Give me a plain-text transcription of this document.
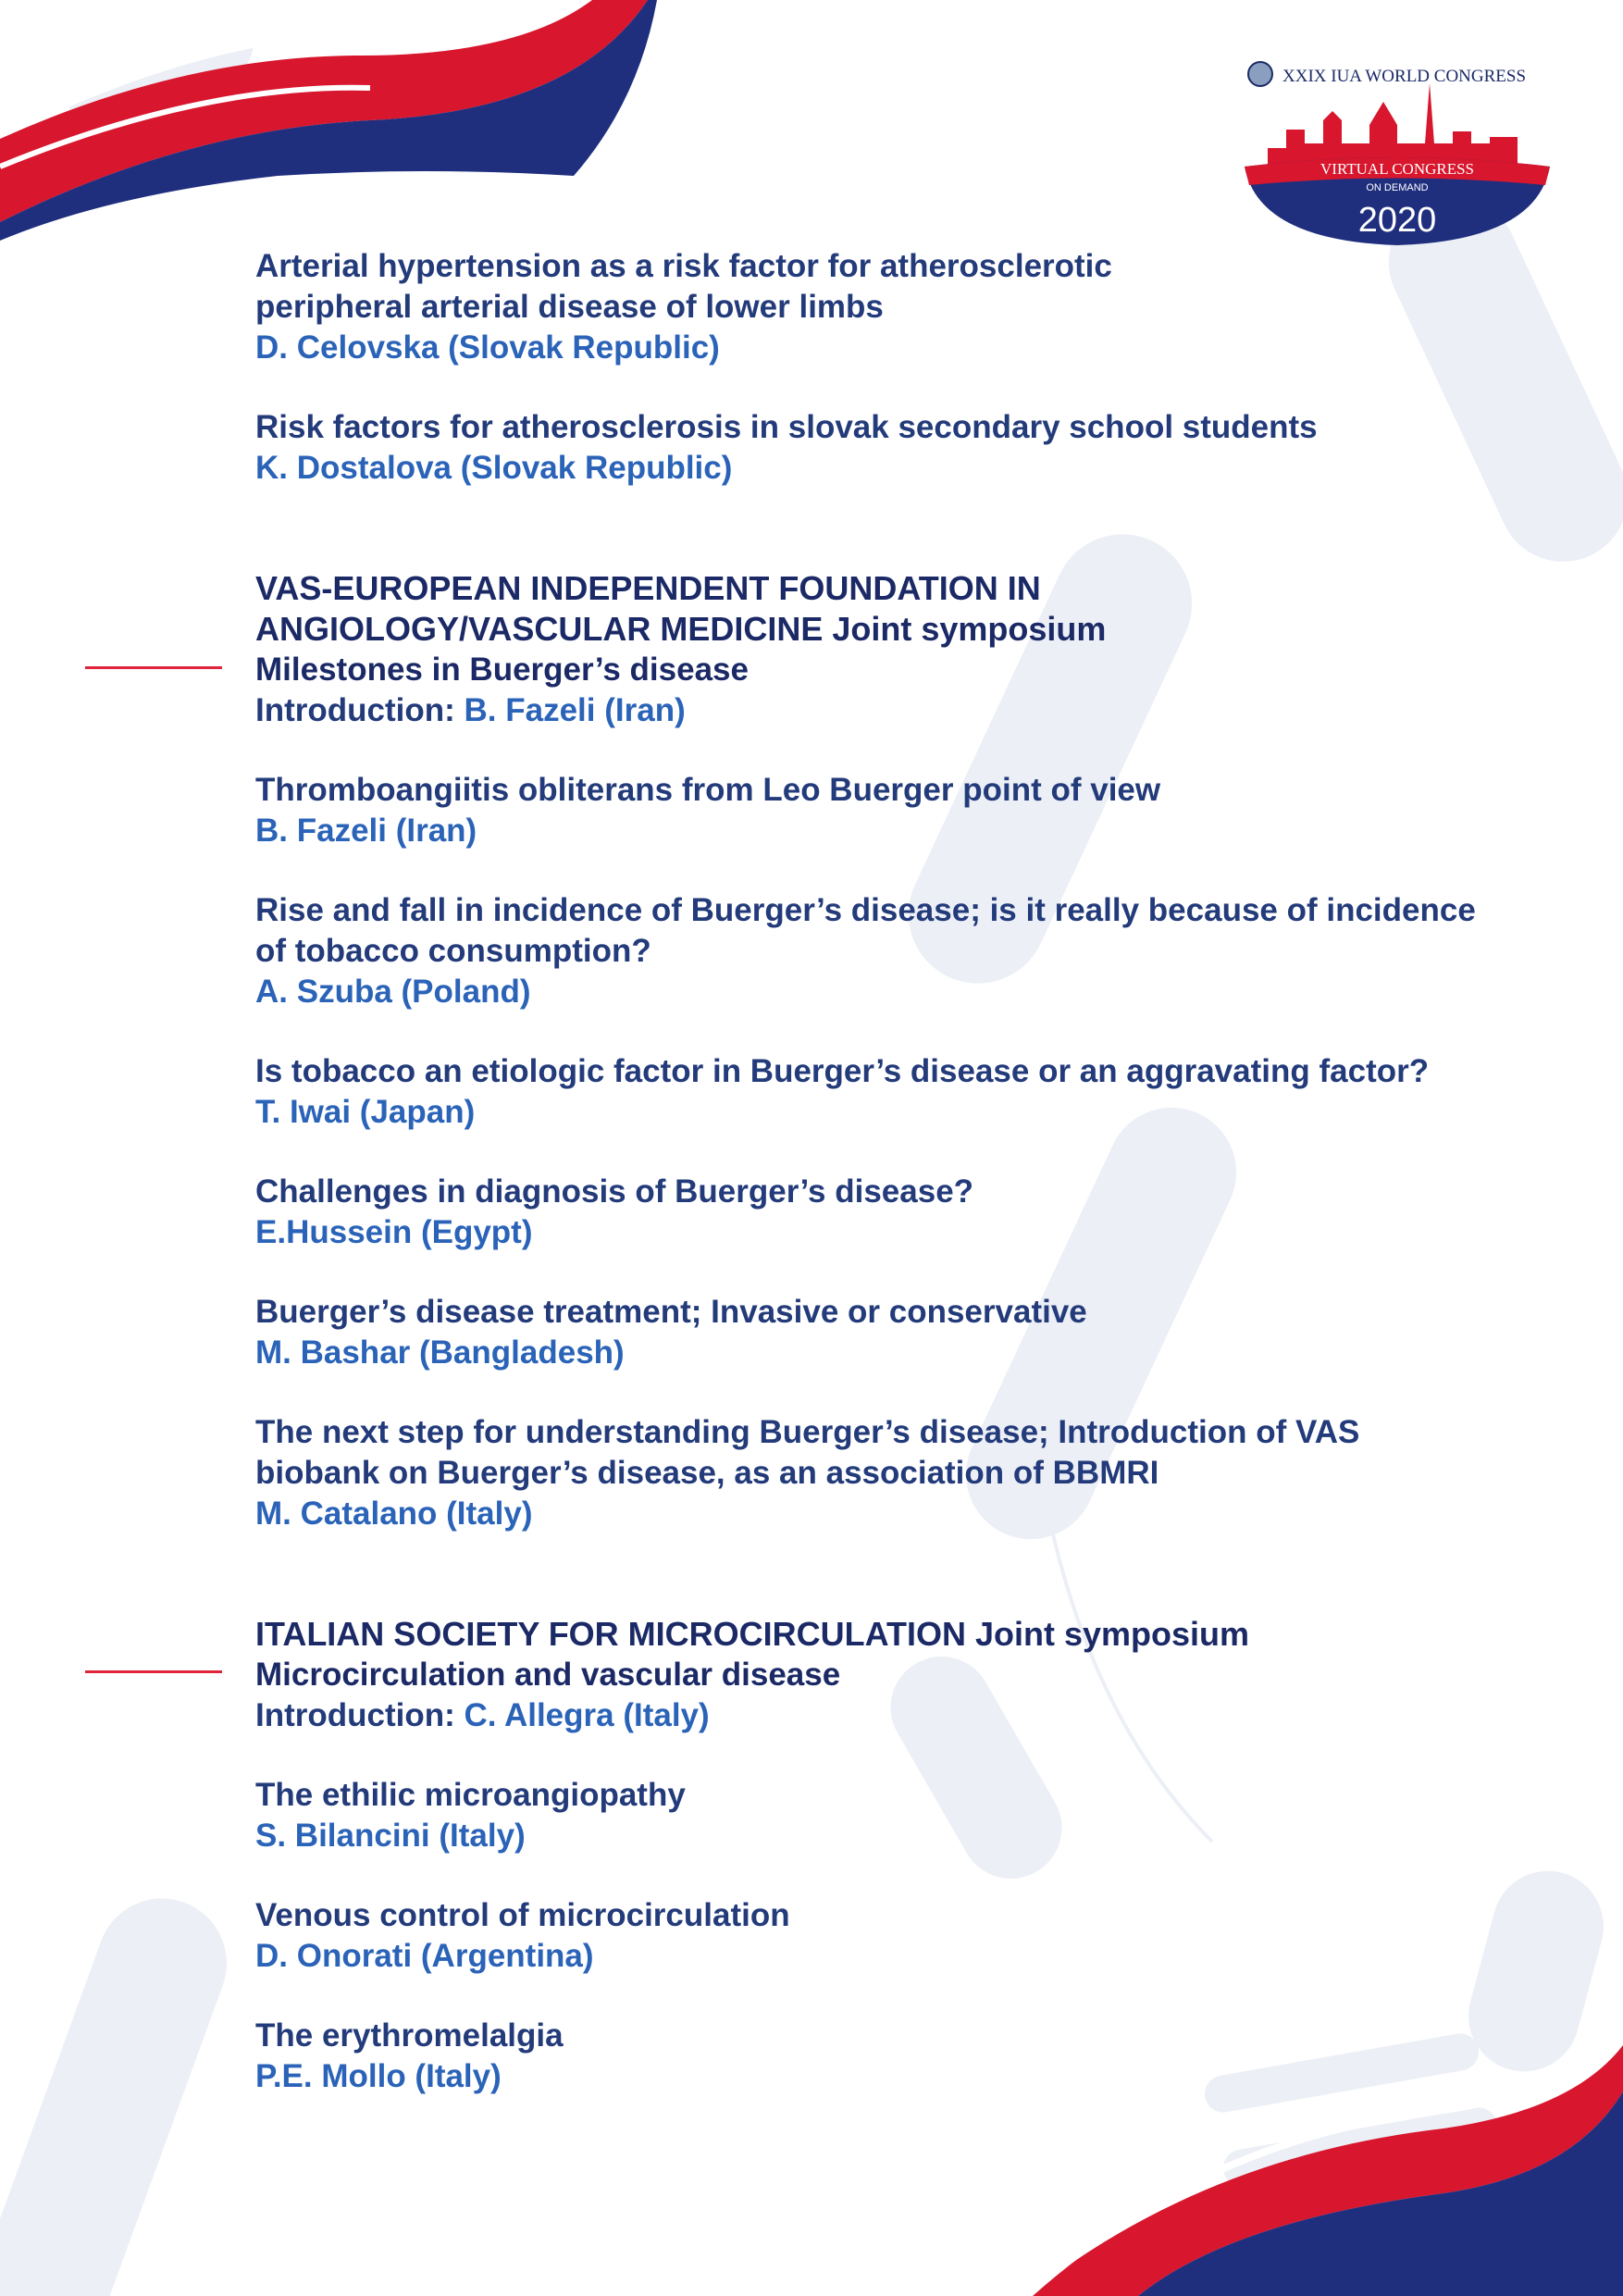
XXIX IUA WORLD CONGRESS
VIRTUAL CONGRESS
ON DEMAND
2020
Arterial hypertension as a risk factor for atherosclerotic
peripheral arterial disease of lower limbs
D. Celovska (Slovak Republic)
Risk factors for atherosclerosis in slovak secondary school students
K. Dostalova (Slovak Republic)
VAS-EUROPEAN INDEPENDENT FOUNDATION IN
ANGIOLOGY/VASCULAR MEDICINE Joint symposium
Milestones in Buerger’s disease
Introduction: B. Fazeli (Iran)
Thromboangiitis obliterans from Leo Buerger point of view
B. Fazeli (Iran)
Rise and fall in incidence of Buerger’s disease; is it really because of incidence
of tobacco consumption?
A. Szuba (Poland)
Is tobacco an etiologic factor in Buerger’s disease or an aggravating factor?
T. Iwai (Japan)
Challenges in diagnosis of Buerger’s disease?
E.Hussein (Egypt)
Buerger’s disease treatment; Invasive or conservative
M. Bashar (Bangladesh)
The next step for understanding Buerger’s disease; Introduction of VAS
biobank on Buerger’s disease, as an association of BBMRI
M. Catalano (Italy)
ITALIAN SOCIETY FOR MICROCIRCULATION Joint symposium
Microcirculation and vascular disease
Introduction: C. Allegra (Italy)
The ethilic microangiopathy
S. Bilancini (Italy)
Venous control of microcirculation
D. Onorati (Argentina)
The erythromelalgia
P.E. Mollo (Italy)
